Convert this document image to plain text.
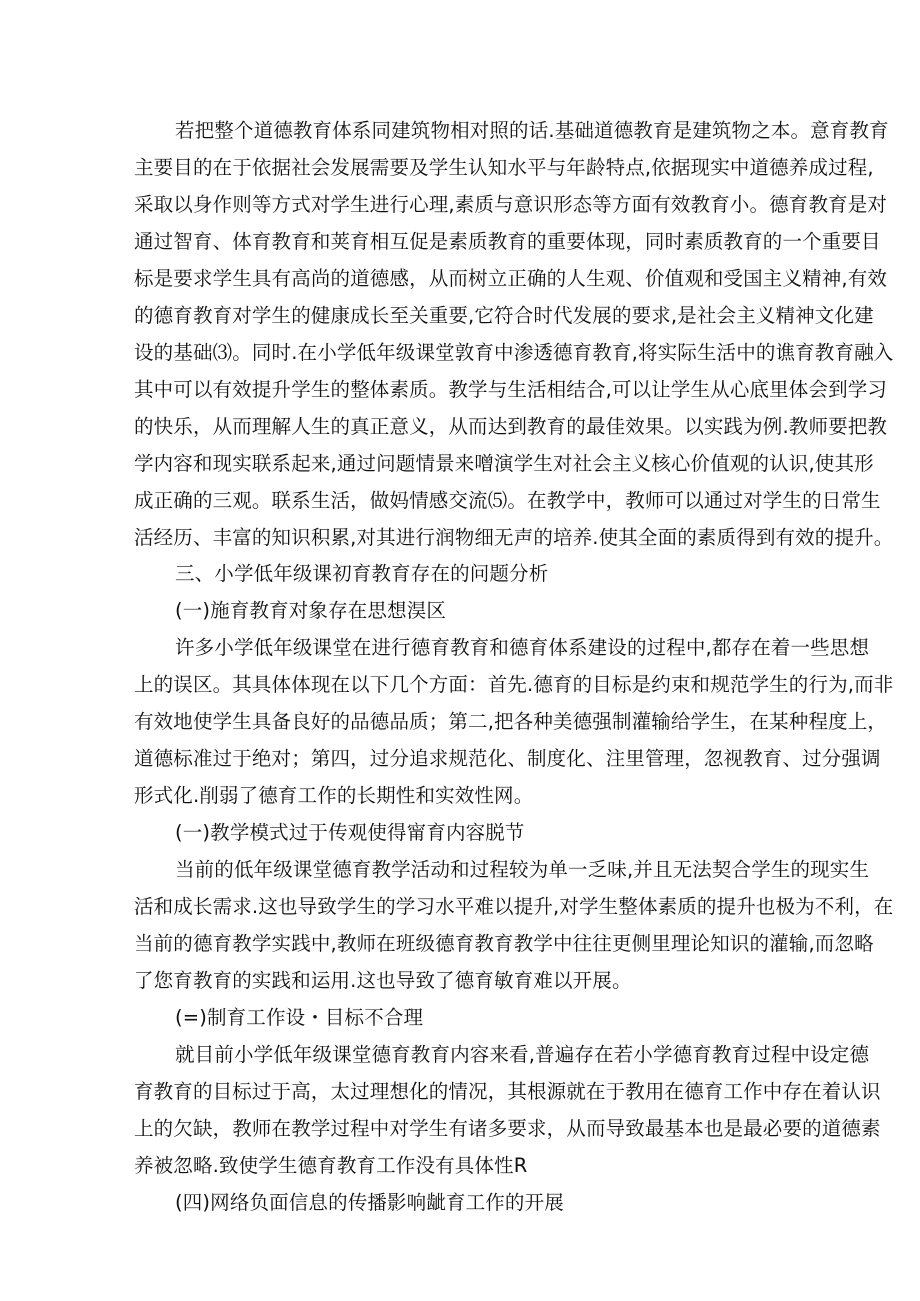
若把整个道德教育体系同建筑物相对照的话.基础道德教育是建筑物之本。意育教育
主要目的在于依据社会发展需要及学生认知水平与年龄特点,依据现实中道德养成过程,
采取以身作则等方式对学生进行心理,素质与意识形态等方面有效教育小。德育教育是对
通过智育、体育教育和荚育相互促是素质教育的重要体现，同时素质教育的一个重要目
标是要求学生具有高尚的道德感，从而树立正确的人生观、价值观和受国主义精神,有效
的德育教育对学生的健康成长至关重要,它符合时代发展的要求,是社会主义精神文化建
设的基础⑶。同时.在小学低年级课堂敦育中渗透德育教育,将实际生活中的谯育教育融入
其中可以有效提升学生的整体素质。教学与生活相结合,可以让学生从心底里体会到学习
的快乐，从而理解人生的真正意义，从而达到教育的最佳效果。以实践为例.教师要把教
学内容和现实联系起来,通过问题情景来噌演学生对社会主义核心价值观的认识,使其形
成正确的三观。联系生活，做妈情感交流⑸。在教学中，教师可以通过对学生的日常生
活经历、丰富的知识积累,对其进行润物细无声的培养.使其全面的素质得到有效的提升。
三、小学低年级课初育教育存在的问题分析
(一)施育教育对象存在思想淏区
许多小学低年级课堂在进行德育教育和德育体系建设的过程中,都存在着一些思想
上的误区。其具体体现在以下几个方面：首先.德育的目标是约束和规范学生的行为,而非
有效地使学生具备良好的品德品质；第二,把各种美德强制灌输给学生，在某种程度上，
道德标准过于绝对；第四，过分追求规范化、制度化、注里管理，忽视教育、过分强调
形式化.削弱了德育工作的长期性和实效性网。
(一)教学模式过于传观使得甯育内容脱节
当前的低年级课堂德育教学活动和过程较为单一乏味,并且无法契合学生的现实生
活和成长需求.这也导致学生的学习水平难以提升,对学生整体素质的提升也极为不利，在
当前的德育教学实践中,教师在班级德育教育教学中往往更侧里理论知识的灌输,而忽略
了您育教育的实践和运用.这也导致了德育敏育难以开展。
(=)制育工作设・目标不合理
就目前小学低年级课堂德育教育内容来看,普遍存在若小学德育教育过程中设定德
育教育的目标过于高，太过理想化的情况，其根源就在于教用在德育工作中存在着认识
上的欠缺，教师在教学过程中对学生有诸多要求，从而导致最基本也是最必要的道德素
养被忽略.致使学生德育教育工作没有具体性R
(四)网络负面信息的传播影响龇育工作的开展
